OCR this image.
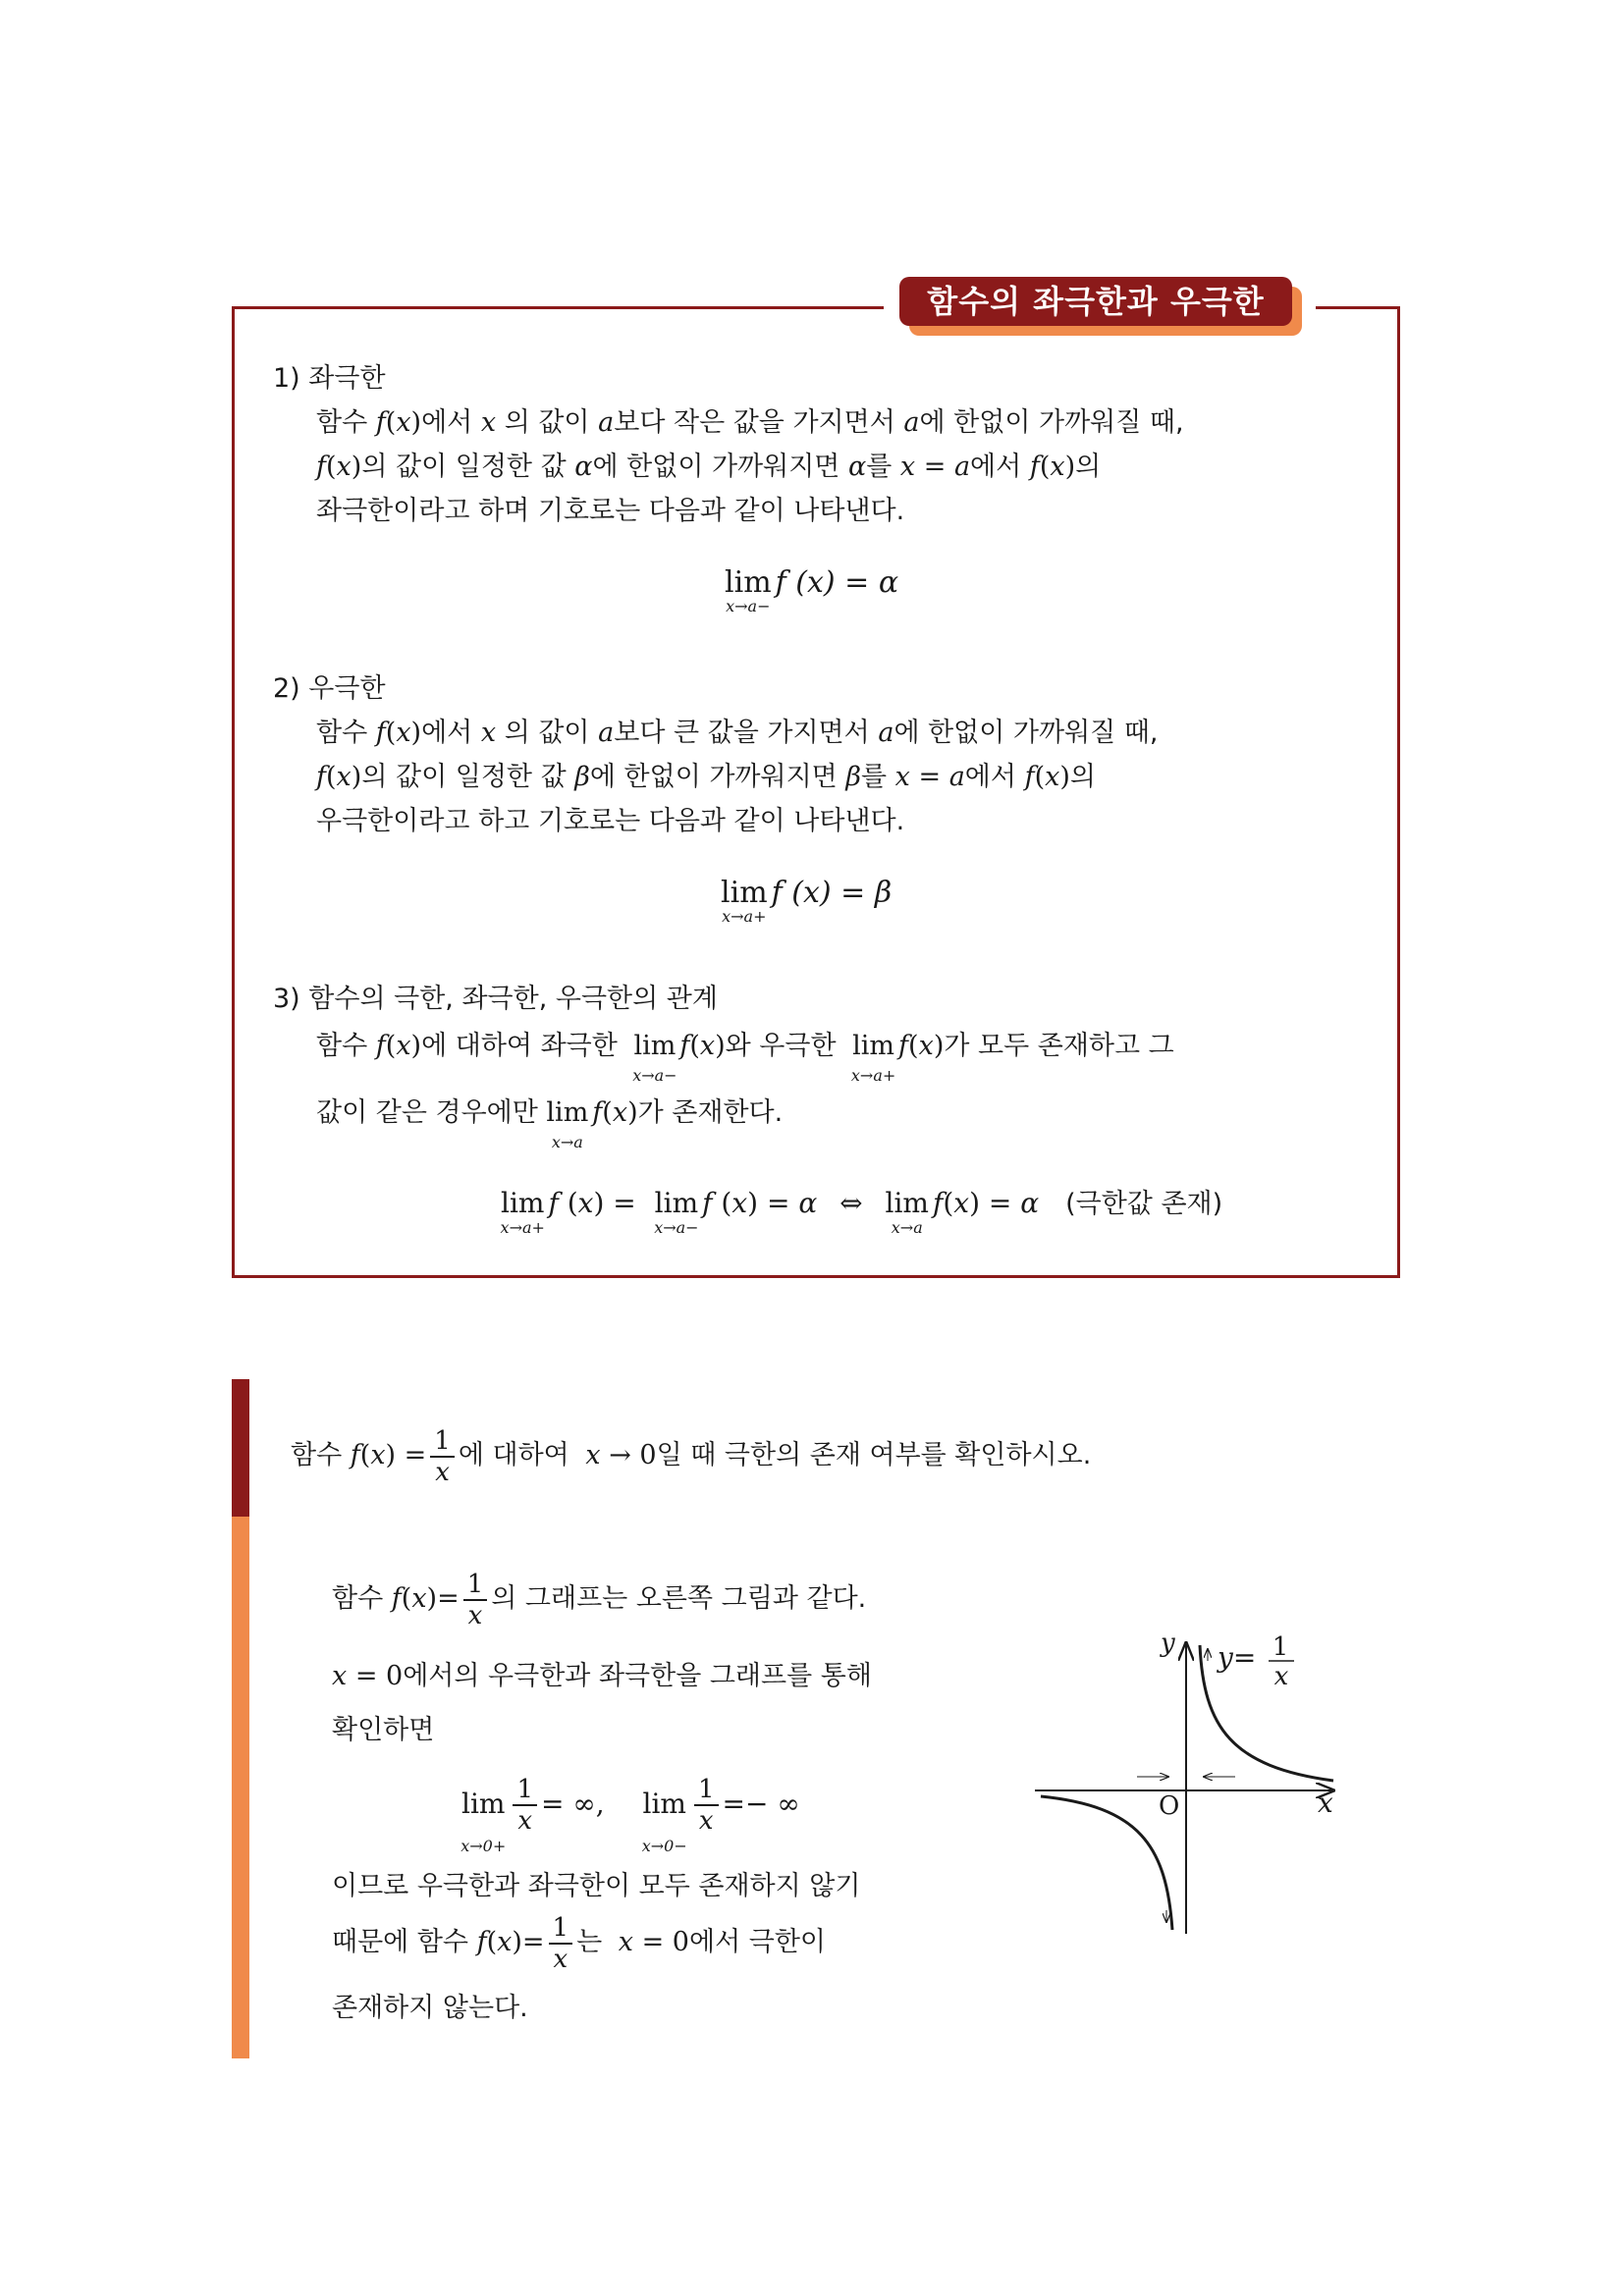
함수의 좌극한과 우극한
1) 좌극한
함수 f(x)에서 x 의 값이 a보다 작은 값을 가지면서 a에 한없이 가까워질 때,
f(x)의 값이 일정한 값 α에 한없이 가까워지면 α를 x = a에서 f(x)의
좌극한이라고 하며 기호로는 다음과 같이 나타낸다.
lim
x→a−
f (x) = α
2) 우극한
함수 f(x)에서 x 의 값이 a보다 큰 값을 가지면서 a에 한없이 가까워질 때,
f(x)의 값이 일정한 값 β에 한없이 가까워지면 β를 x = a에서 f(x)의
우극한이라고 하고 기호로는 다음과 같이 나타낸다.
lim
x→a+
f (x) = β
3) 함수의 극한, 좌극한, 우극한의 관계
함수 f(x)에 대하여 좌극한 lim
x→a−
f(x)와 우극한 lim
x→a+
f(x)가 모두 존재하고 그
값이 같은 경우에만 lim
x→a
f(x)가 존재한다.
lim
x→a+
f (x) = lim
x→a−
f (x) = α ⇔ lim
x→a
f(x) = α (극한값 존재)
함수 $f(x) = \frac{1}{x}$ 에 대하여 x → 0일 때 극한의 존재 여부를 확인하시오.
함수 $f(x)= \frac{1}{x}$ 의 그래프는 오른쪽 그림과 같다.
x = 0에서의 우극한과 좌극한을 그래프를 통해
확인하면
lim
x→0+
$\frac{1}{x}$ = ∞, lim
x→0−
$\frac{1}{x}$ =− ∞
이므로 우극한과 좌극한이 모두 존재하지 않기
때문에 함수 $f(x)= \frac{1}{x}$ 는 x = 0에서 극한이
존재하지 않는다.
y
x
O
y= 1
x
